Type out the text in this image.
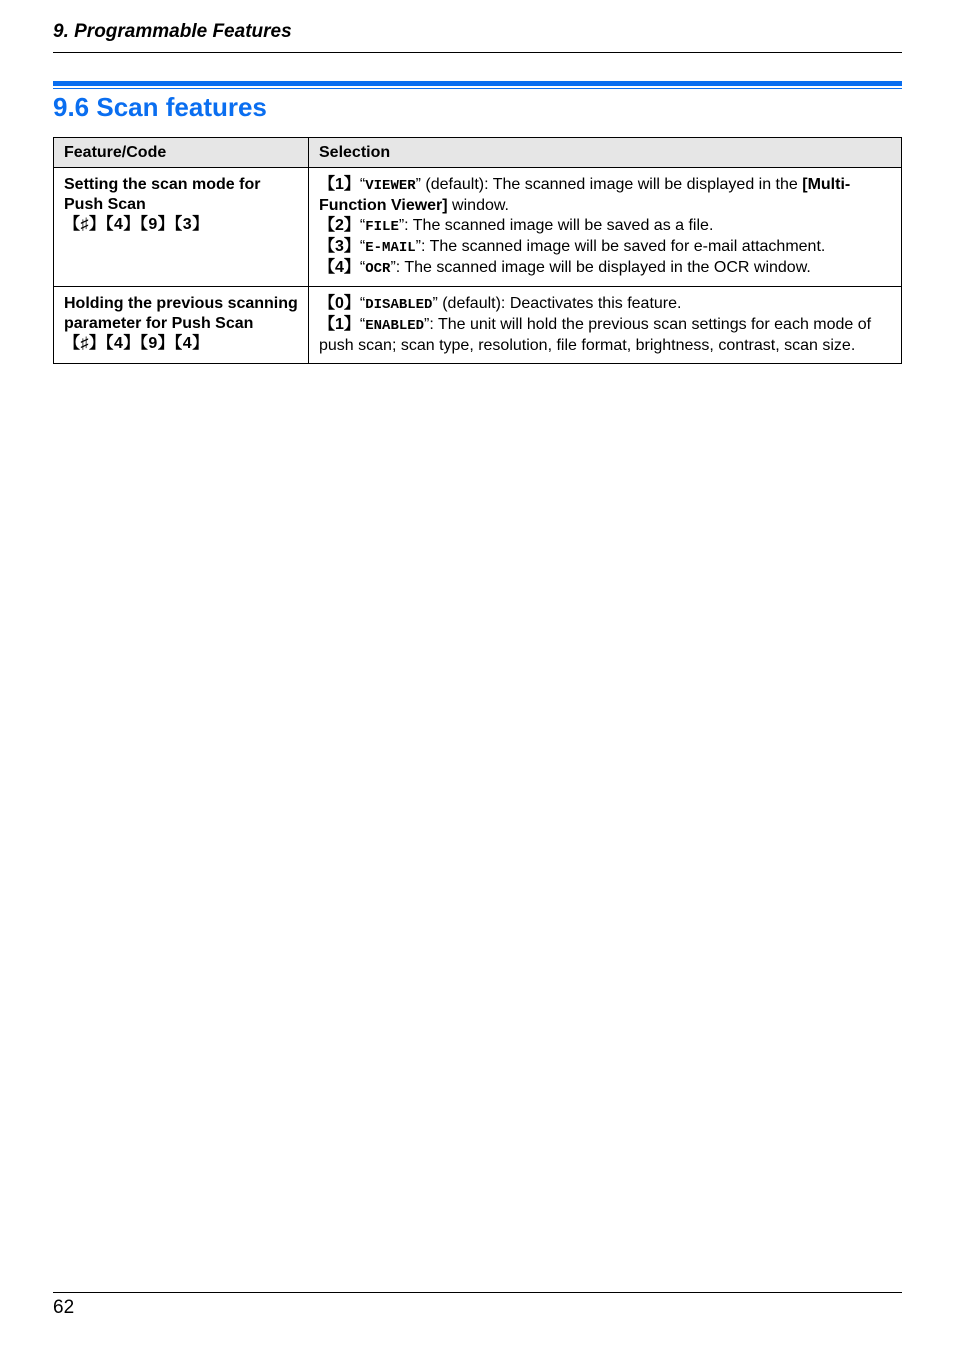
9. Programmable Features
9.6 Scan features
Feature/Code	Selection

Setting the scan mode for Push Scan
【♯】【4】【9】【3】	【1】“VIEWER” (default): The scanned image will be displayed in the [Multi-Function Viewer] window.
【2】“FILE”: The scanned image will be saved as a file.
【3】“E-MAIL”: The scanned image will be saved for e-mail attachment.
【4】“OCR”: The scanned image will be displayed in the OCR window.

Holding the previous scanning parameter for Push Scan
【♯】【4】【9】【4】	【0】“DISABLED” (default): Deactivates this feature.
【1】“ENABLED”: The unit will hold the previous scan settings for each mode of push scan; scan type, resolution, file format, brightness, contrast, scan size.
62
